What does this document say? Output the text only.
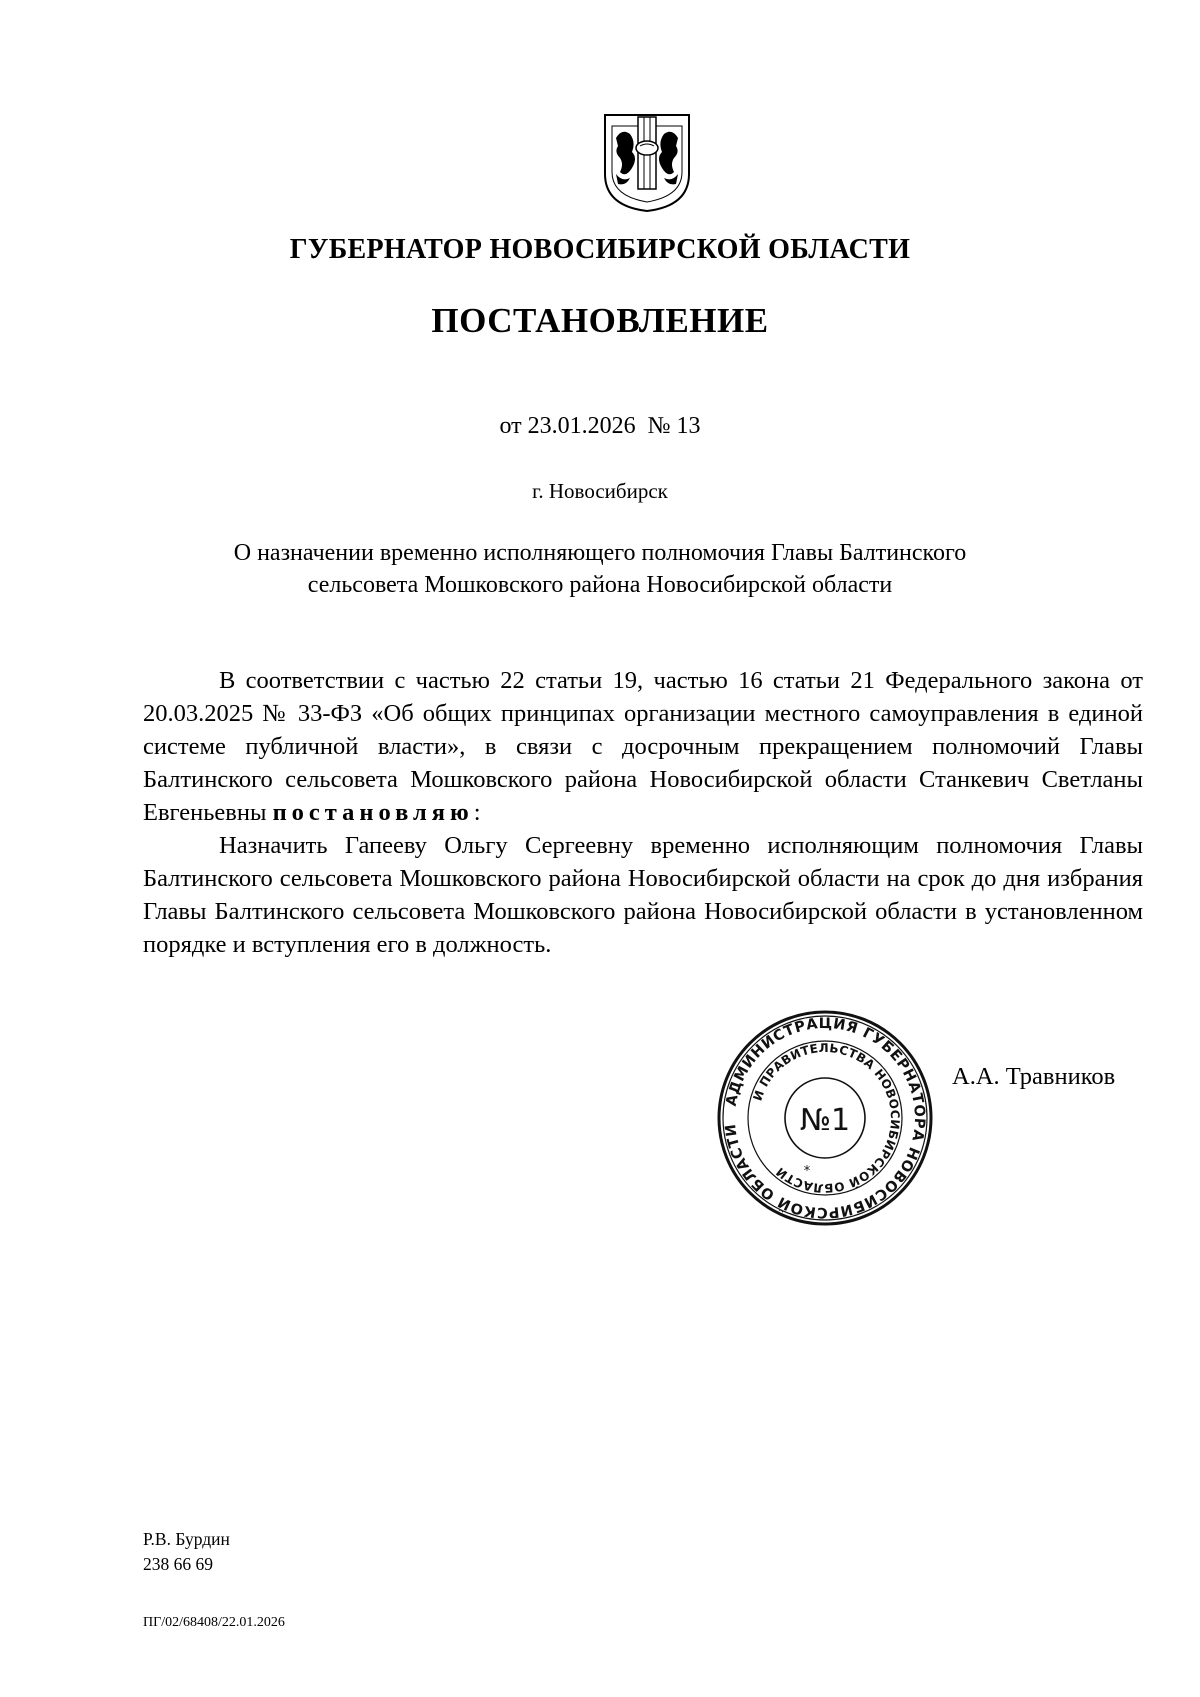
ГУБЕРНАТОР НОВОСИБИРСКОЙ ОБЛАСТИ
ПОСТАНОВЛЕНИЕ
от 23.01.2026 № 13
г. Новосибирск
О назначении временно исполняющего полномочия Главы Балтинского
сельсовета Мошковского района Новосибирской области

В соответствии с частью 22 статьи 19, частью 16 статьи 21 Федерального закона от 20.03.2025 № 33-ФЗ «Об общих принципах организации местного самоуправления в единой системе публичной власти», в связи с досрочным прекращением полномочий Главы Балтинского сельсовета Мошковского района Новосибирской области Станкевич Светланы Евгеньевны постановляю:

Назначить Гапееву Ольгу Сергеевну временно исполняющим полномочия Главы Балтинского сельсовета Мошковского района Новосибирской области на срок до дня избрания Главы Балтинского сельсовета Мошковского района Новосибирской области в установленном порядке и вступления его в должность.

АДМИНИСТРАЦИЯ ГУБЕРНАТОРА НОВОСИБИРСКОЙ ОБЛАСТИ
И ПРАВИТЕЛЬСТВА НОВОСИБИРСКОЙ ОБЛАСТИ
№1
*
А.А. Травников
Р.В. Бурдин
238 66 69
ПГ/02/68408/22.01.2026
